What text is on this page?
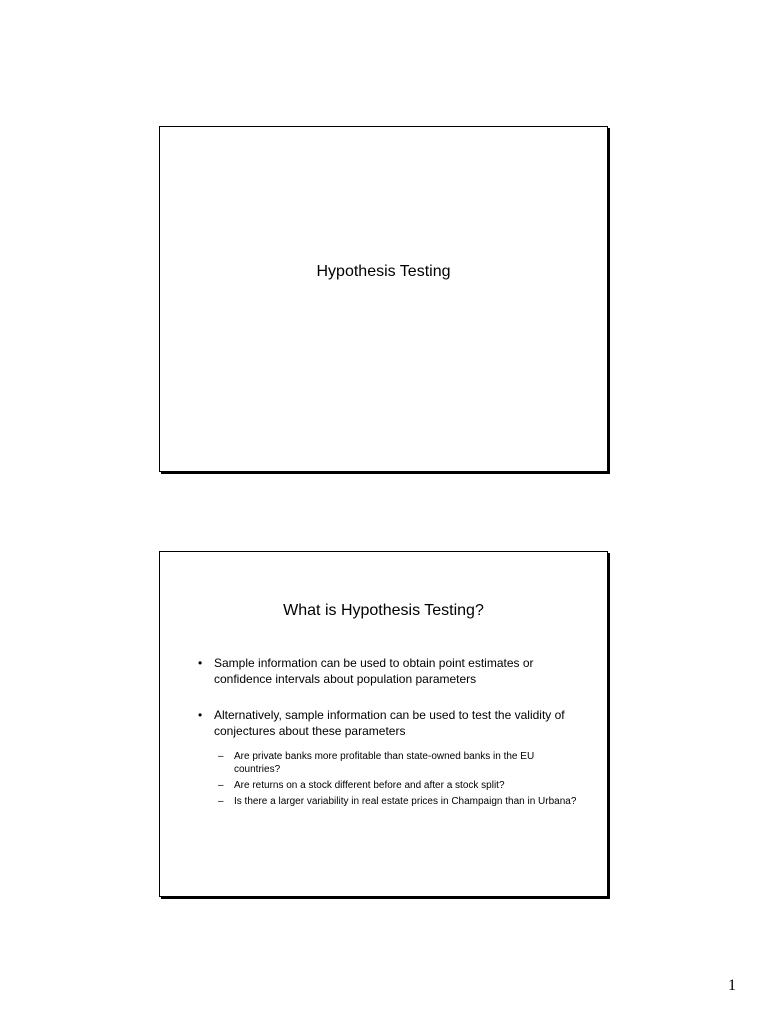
Hypothesis Testing
What is Hypothesis Testing?
• Sample information can be used to obtain point estimates or confidence intervals about population parameters
• Alternatively, sample information can be used to test the validity of conjectures about these parameters
– Are private banks more profitable than state-owned banks in the EU countries?
– Are returns on a stock different before and after a stock split?
– Is there a larger variability in real estate prices in Champaign than in Urbana?
1
